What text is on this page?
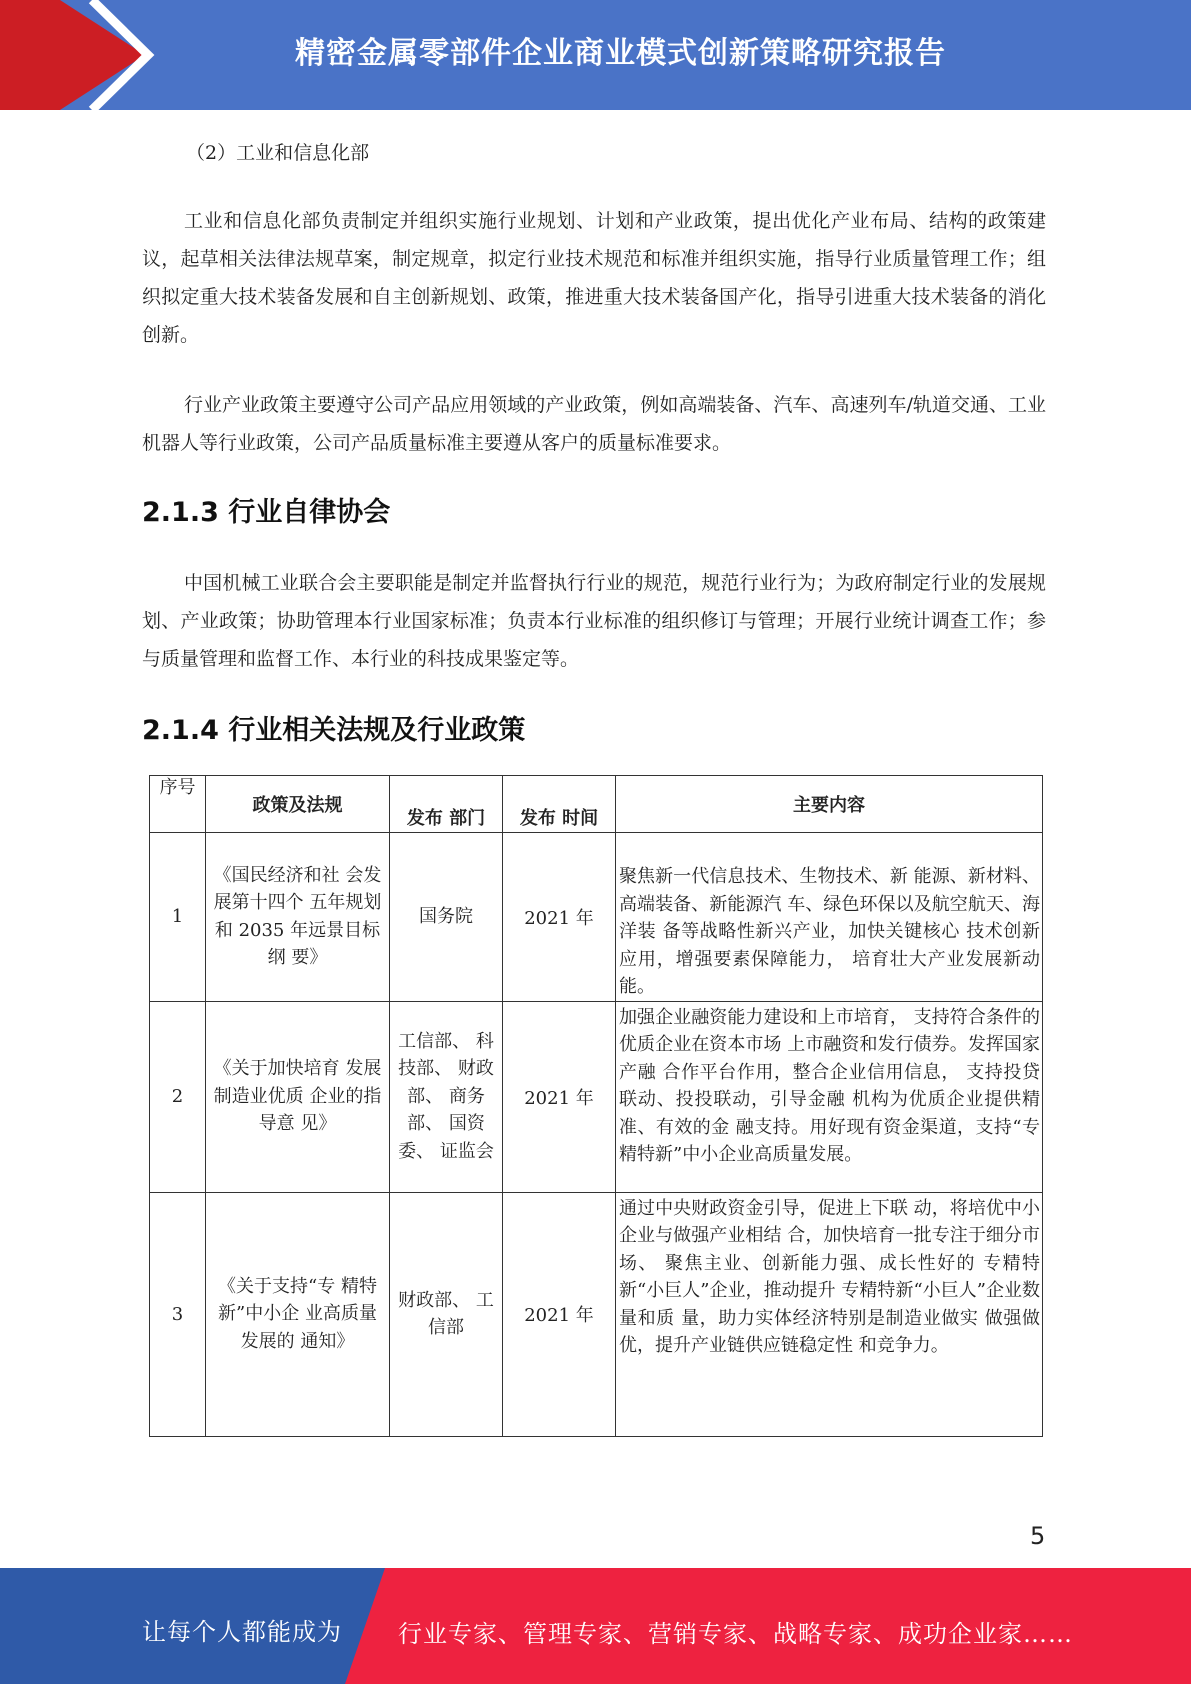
精密金属零部件企业商业模式创新策略研究报告

（2）工业和信息化部

工业和信息化部负责制定并组织实施行业规划、计划和产业政策，提出优化产业布局、结构的政策建议，起草相关法律法规草案，制定规章，拟定行业技术规范和标准并组织实施，指导行业质量管理工作；组织拟定重大技术装备发展和自主创新规划、政策，推进重大技术装备国产化，指导引进重大技术装备的消化创新。

行业产业政策主要遵守公司产品应用领域的产业政策，例如高端装备、汽车、高速列车/轨道交通、工业机器人等行业政策，公司产品质量标准主要遵从客户的质量标准要求。

2.1.3 行业自律协会

中国机械工业联合会主要职能是制定并监督执行行业的规范，规范行业行为；为政府制定行业的发展规划、产业政策；协助管理本行业国家标准；负责本行业标准的组织修订与管理；开展行业统计调查工作；参与质量管理和监督工作、本行业的科技成果鉴定等。

2.1.4 行业相关法规及行业政策
序号	政策及法规	发布 部门	发布 时间	主要内容
1	《国民经济和社 会发展第十四个 五年规划和 2035 年远景目标纲 要》	国务院	2021 年	聚焦新一代信息技术、生物技术、新 能源、新材料、高端装备、新能源汽 车、绿色环保以及航空航天、海洋装 备等战略性新兴产业，加快关键核心 技术创新应用，增强要素保障能力， 培育壮大产业发展新动能。
2	《关于加快培育 发展制造业优质 企业的指导意 见》	工信部、 科技部、 财政部、 商务部、 国资委、 证监会	2021 年	加强企业融资能力建设和上市培育， 支持符合条件的优质企业在资本市场 上市融资和发行债券。发挥国家产融 合作平台作用，整合企业信用信息， 支持投贷联动、投投联动，引导金融 机构为优质企业提供精准、有效的金 融支持。用好现有资金渠道，支持“专精特新”中小企业高质量发展。
3	《关于支持“专 精特新”中小企 业高质量发展的 通知》	财政部、 工信部	2021 年	通过中央财政资金引导，促进上下联 动，将培优中小企业与做强产业相结 合，加快培育一批专注于细分市场、 聚焦主业、创新能力强、成长性好的 专精特新“小巨人”企业，推动提升 专精特新“小巨人”企业数量和质 量，助力实体经济特别是制造业做实 做强做优，提升产业链供应链稳定性 和竞争力。
5
让每个人都能成为 行业专家、管理专家、营销专家、战略专家、成功企业家……
